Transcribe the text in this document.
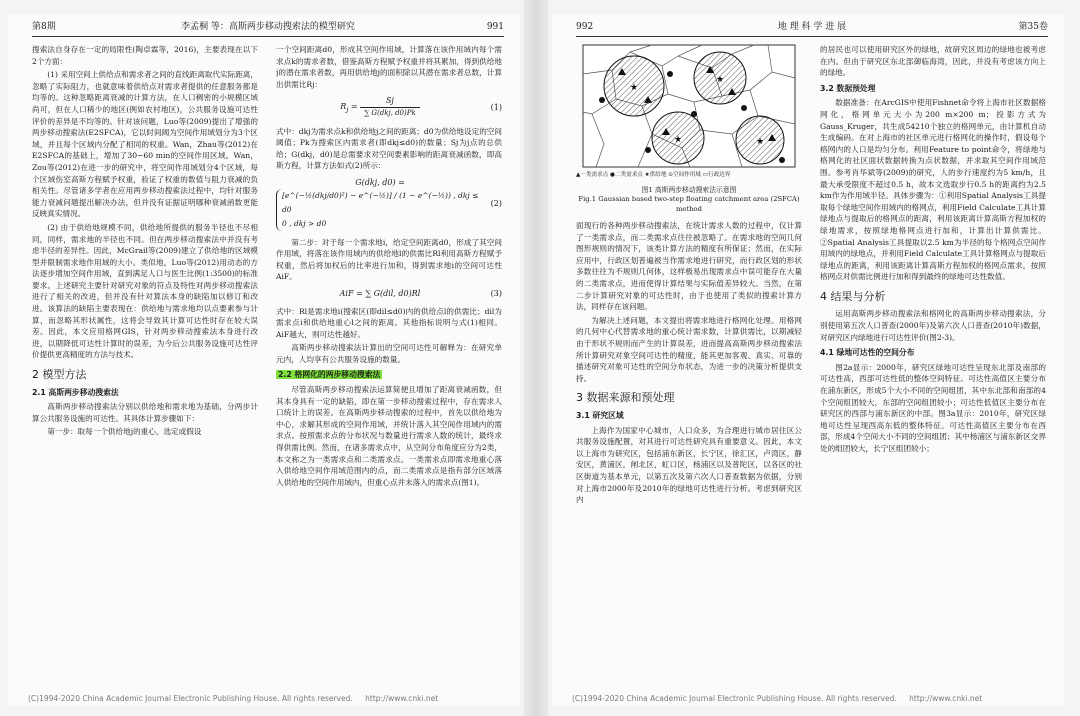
第8期	李孟桐 等：高斯两步移动搜索法的模型研究	991

搜索法自身存在一定的局限性(陶卓霖等，2016)，主要表现在以下2个方面：

(1) 采用空间上供给点和需求者之间的直线距离取代实际距离，忽略了实际阻力，也就意味着供给点对需求者提供的任意服务都是均等的。这种忽略距离衰减的计算方法，在人口稠密的小规模区域尚可，但在人口稀少的地区(例如农村地区)，公共服务设施可达性评价的差异是不均等的。针对该问题，Luo等(2009)提出了增强的两步移动搜索法(E2SFCA)，它以时间阈为空间作用域划分为3个区域，并且每个区域内分配了相同的权重。Wan，Zhau等(2012)在E2SFCA的基础上，增加了30~60 min的空间作用区域。Wan，Zou等(2012)在进一步的研究中，将空间作用域划分4个区域，每个区域伤室高斯方程赋予权重，验证了权重的数值与阻力衰减的负相关性。尽管诸多学者在应用两步移动搜索法过程中，均针对服务能力衰减问题提出解决办法，但并没有证据证明哪种衰减函数更能反映真实情况。

(2) 由于供给地规模不同，供给地所提供的服务半径也不尽相同，同样，需求地的半径也不同。但在两步移动搜索法中并没有考虑半径的差异性。因此，McGrail等(2009)建立了供给地的区域模型并限制需求地作用域的大小。类似地，Luo等(2012)用动态的方法逐步增加空间作用域，直到满足人口与医生比例(1:3500)的标准要求。上述研究主要针对研究对象的符点及特性对两步移动搜索法进行了相关的改进，但并没有针对算法本身的缺陷加以修订和改进。该算法的缺陷主要表现在：供给地与需求地均以点要素参与计算，而忽略其形状属性，这将会导致其计算可达性时存在较大误差。因此，本文应用格网GIS，针对两步移动搜索法本身进行改进，以期降低可达性计算时的误差，为今后公共服务设施可达性评价提供更高精度的方法与技术。

2 模型方法
2.1 高斯两步移动搜索法

高斯两步移动搜索法分别以供给地和需求地为基础，分两步计算公共服务设施的可达性。其具体计算步骤如下：

第一步：取每一个供给地j的重心，选定或假设

一个空间距离d0，形成其空间作用域，计算落在该作用域内每个需求点k的需求者数，借鉴高斯方程赋予权重并将其累加，得到供给地j的潜在需求者数，再用供给地j的面积除以其潜在需求者总数，计算出供需比Rj：

$R_j = \frac{Sj}{\text{∑ G(dkj, d0)Pk}}$	(1)

式中：dkj为需求点k和供给地j之间的距离；d0为供给地设定的空间阈值；Pk为搜索区内需求者(即dkj≤d0)的数量；Sj为j点的总供给；G(dkj，d0)是总需要求对空间要素影响的距离衰减函数，即高斯方程，计算方法如式(2)所示：

G(dkj, d0) =
[e^(−½(dkj/d0)²) − e^(−½)] / (1 − e^(−½)) , dkj ≤ d0
0 , dkj > d0
(2)

第二步：对于每一个需求地i，给定空间距离d0，形成了其空间作用域，将落在该作用域内的供给地l的供需比Rl利用高斯方程赋予权重，然后将加权后的比率进行加和，得到需求地i的空间可达性AiF。

AiF = ∑ G(dil, d0)Rl	(3)

式中：Rl是需求地i(搜索区(即dil≤d0)内的供给点l的供需比；dil为需求点i和供给地重心l之间的距离。其他指标说明与式(1)相同。AiF越大，则可达性越好。

高斯两步移动搜索法计算出的空间可达性可解释为：在研究单元内，人均享有公共服务设施的数量。

2.2 格网化的两步移动搜索法

尽管高斯两步移动搜索法运算简便且增加了距离衰减函数，但其本身具有一定的缺陷，即在第一步移动搜索过程中，存在需求人口统计上的误差。在高斯两步移动搜索的过程中，首先以供给地为中心，求解其形成的空间作用域，并统计落入其空间作用域内的需求点。按照需求点的分布状况与数量进行需求人数的统计，最终求得供需比例。然而，在诸多需求点中，从空间分布角度应分为2类，本文称之为一类需求点和二类需求点。一类需求点即需求地重心落入供给地空间作用域范围内的点，而二类需求点是指有部分区域落入供给地的空间作用域内，但重心点并未落入的需求点(图1)。

(C)1994-2020 China Academic Journal Electronic Publishing House. All rights reserved. http://www.cnki.net
992	地 理 科 学 进 展	第35卷
★
★
★	★
▲－类需求点 ●二类需求点 ★供给地 ⊙空间作用域 ▭行政边界
图1 高斯两步移动搜索法示意图
Fig.1 Gaussian based two-step floating catchment area (2SFCA) method

面现行的各种两步移动搜索法，在统计需求人数的过程中，仅计算了一类需求点，而二类需求点往往被忽略了。在需求地的空间几何图形规则的情况下，该类计算方法的精度有所保证；然而，在实际应用中，行政区划普遍被当作需求地进行研究，而行政区划的形状多数往往为不规则几何体，这样极易出现需求点中误可能存在大量的二类需求点，进而使得计算结果与实际值差异较大。当然，在第二步计算研究对象的可达性时，由于也使用了类似的搜索计算方法，同样存在该问题。

为解决上述问题，本文提出将需求地进行格网化处理。用格网的几何中心代替需求地的重心统计需求数，计算供需比，以期减轻由于形状不规则而产生的计算误差，进而提高高斯两步移动搜索法所计算研究对象空间可达性的精度，能其更加客观、真实、可靠的描述研究对象可达性的空间分布状态，为进一步的决策分析提供支持。

3 数据来源和预处理
3.1 研究区域

上海作为国家中心城市，人口众多，为合理进行城市居住区公共服务设施配置，对其进行可达性研究具有重要意义。因此，本文以上海市为研究区，包括浦东新区，长宁区，徐汇区，卢湾区，静安区，黄浦区，闸北区，虹口区，杨浦区以及普陀区，以各区的社区街道为基本单元，以第五次及第六次人口普查数据为依据，分别对上海市2000年及2010年的绿地可达性进行分析。考虑到研究区内

的居民也可以使用研究区外的绿地，故研究区周边的绿地也被考虑在内。但由于研究区东北部御临海湾，因此，并没有考虑该方向上的绿地。

3.2 数据预处理

数据准备：在ArcGIS中使用Fishnet命令将上海市社区数据格网化，格网单元大小为200 m×200 m；投影方式为Gauss_Kruger，共生成54210个独立的格网单元，由计算机自动生成编码。在对上海市的社区单元进行格网化的操作时，假设每个格网内的人口是均匀分布。利用Feature to point命令，将绿地与格网化的社区面状数据转换为点状数据，并求取其空间作用域范围。参考肖华斌等(2009)的研究，人的步行速度约为5 km/h，且最大承受限度不超过0.5 h，故本文选取步行0.5 h的距离约为2.5 km作为作用域半径。具体步骤为：①利用Spatial Analysis工具提取每个绿地空间作用域内的格网点，利用Field Calculate工具计算绿地点与提取后的格网点的距离，利用该距离计算高斯方程加权的绿地需求，按照绿地格网点进行加和，计算出计算供需比。②Spatial Analysis工具提取以2.5 km为半径的每个格网点空间作用域内的绿地点，并利用Field Calculate工具计算格网点与提取后绿地点的距离，利用该距离计算高斯方程加权的格网点需求，按照格网点对供需比例进行加和得到最终的绿地可达性数值。

4 结果与分析

运用高斯两步移动搜索法和格网化的高斯两步移动搜索法，分别使用第五次人口普查(2000年)及第六次人口普查(2010年)数据，对研究区内绿地进行可达性评价(图2-3)。

4.1 绿地可达性的空间分布

图2a显示：2000年，研究区绿地可达性呈现东北部及南部的可达性高，西部可达性低的整体空间特征。可达性高值区主要分布在浦东新区，形成5个大小不同的空间组团，其中东北部和南部的4个空间组团较大，东部的空间组团较小；可达性低值区主要分布在研究区的西部与浦东新区的中部。图3a显示：2010年，研究区绿地可达性呈现西高东低的整体特征。可达性高值区主要分布在西部，形成4个空间大小不同的空间组团；其中杨浦区与浦东新区交界处的组团较大，长宁区组团较小；

(C)1994-2020 China Academic Journal Electronic Publishing House. All rights reserved. http://www.cnki.net
